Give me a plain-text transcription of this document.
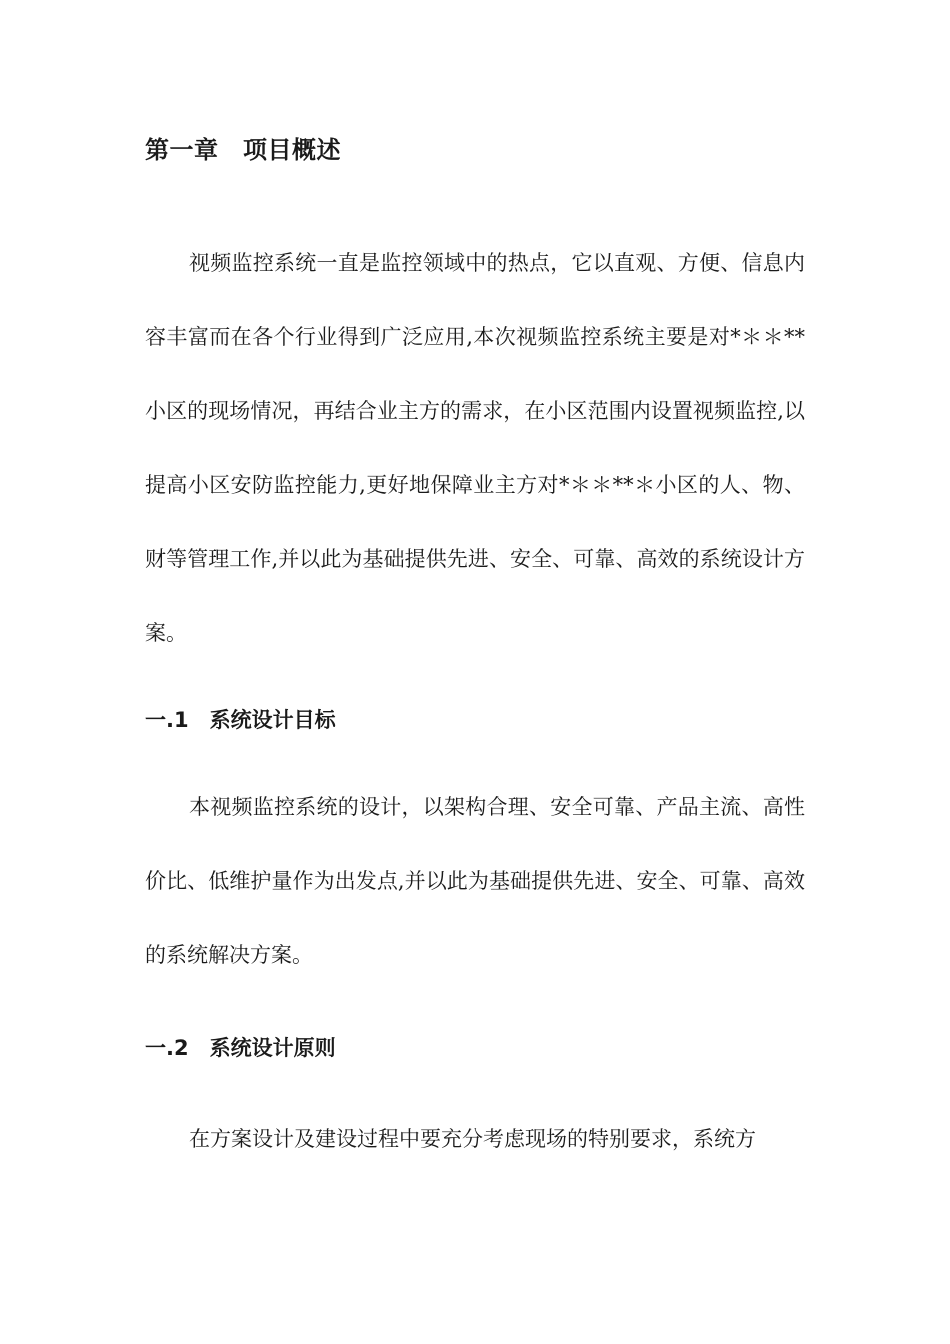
第一章　项目概述

视频监控系统一直是监控领域中的热点，它以直观、方便、信息内容丰富而在各个行业得到广泛应用,本次视频监控系统主要是对*＊＊**小区的现场情况，再结合业主方的需求，在小区范围内设置视频监控,以提高小区安防监控能力,更好地保障业主方对*＊＊**＊小区的人、物、财等管理工作,并以此为基础提供先进、安全、可靠、高效的系统设计方案。

一.1　系统设计目标

本视频监控系统的设计，以架构合理、安全可靠、产品主流、高性价比、低维护量作为出发点,并以此为基础提供先进、安全、可靠、高效的系统解决方案。

一.2　系统设计原则

在方案设计及建设过程中要充分考虑现场的特别要求，系统方
